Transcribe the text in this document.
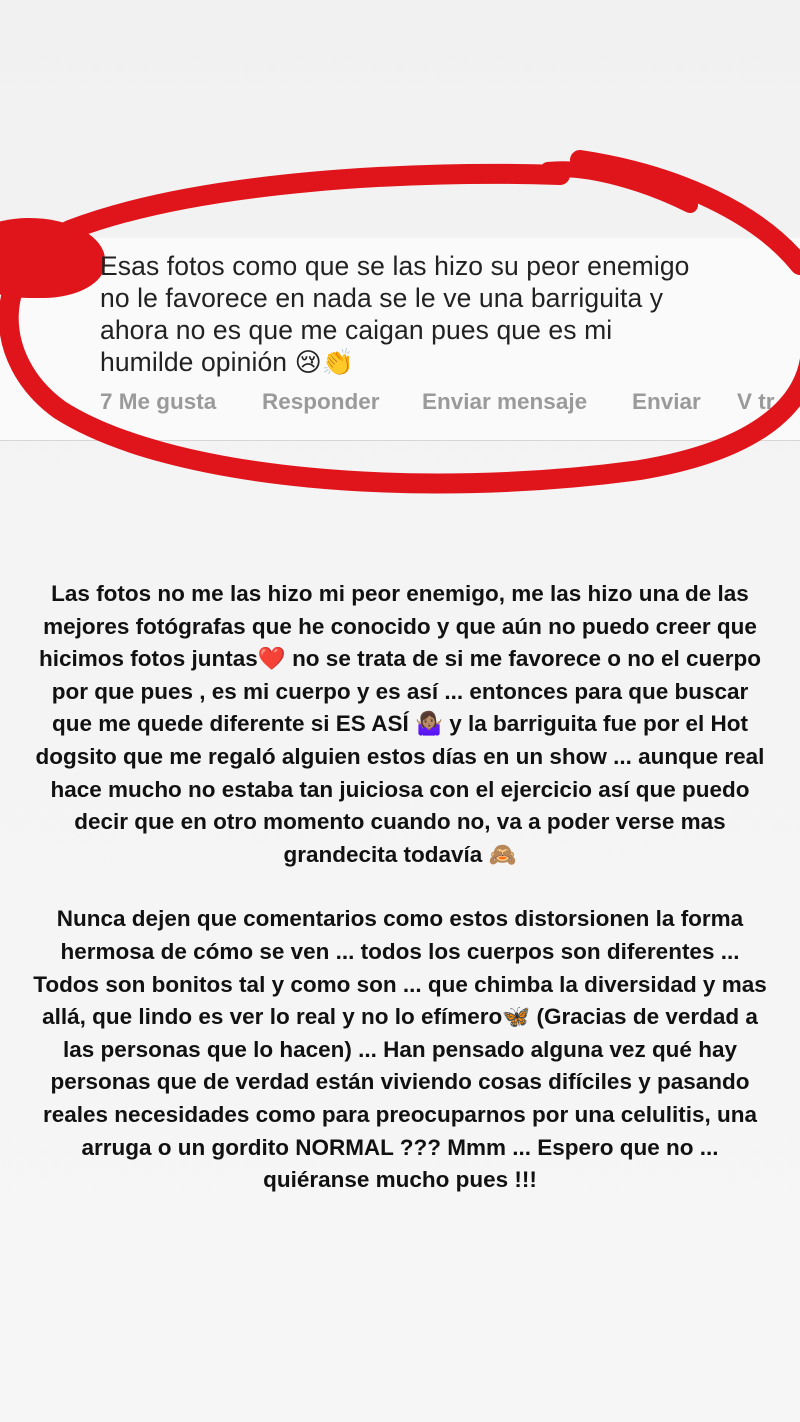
Esas fotos como que se las hizo su peor enemigo
no le favorece en nada se le ve una barriguita y
ahora no es que me caigan pues que es mi
humilde opinión 😢👏
7 Me gusta	Responder	Enviar mensaje	Enviar	V tr

Las fotos no me las hizo mi peor enemigo, me las hizo una de las mejores fotógrafas que he conocido y que aún no puedo creer que hicimos fotos juntas❤️ no se trata de si me favorece o no el cuerpo por que pues , es mi cuerpo y es así ... entonces para que buscar que me quede diferente si ES ASÍ 🤷🏽‍♀️ y la barriguita fue por el Hot dogsito que me regaló alguien estos días en un show ... aunque real hace mucho no estaba tan juiciosa con el ejercicio así que puedo decir que en otro momento cuando no, va a poder verse mas grandecita todavía 🙈

Nunca dejen que comentarios como estos distorsionen la forma hermosa de cómo se ven ... todos los cuerpos son diferentes ... Todos son bonitos tal y como son ... que chimba la diversidad y mas allá, que lindo es ver lo real y no lo efímero🦋 (Gracias de verdad a las personas que lo hacen) ... Han pensado alguna vez qué hay personas que de verdad están viviendo cosas difíciles y pasando reales necesidades como para preocuparnos por una celulitis, una arruga o un gordito NORMAL ??? Mmm ... Espero que no ... quiéranse mucho pues !!!
